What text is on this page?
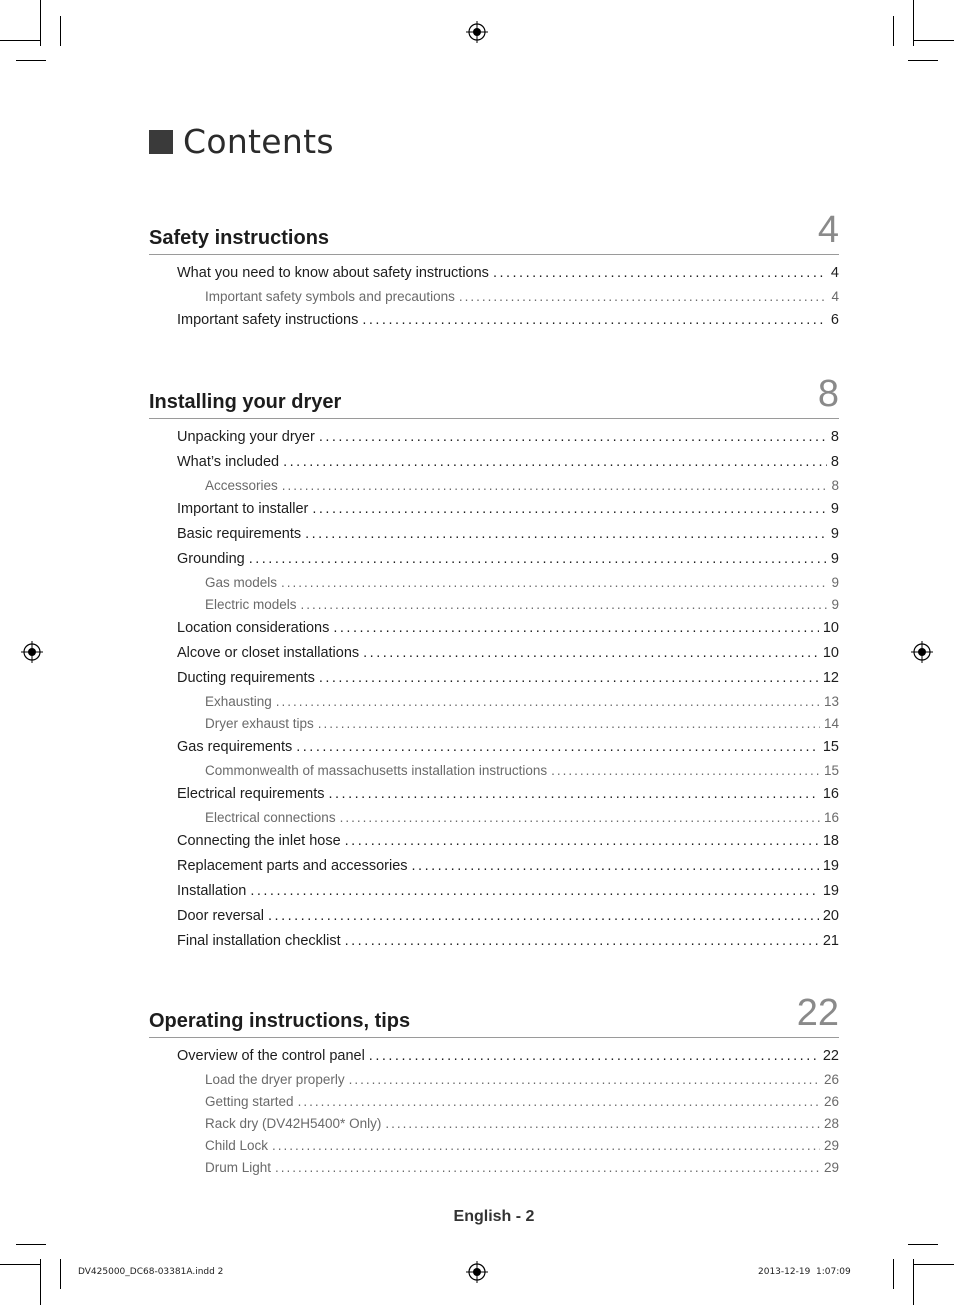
Contents
Safety instructions	4
What you need to know about safety instructions .....	4
Important safety symbols and precautions .....	4
Important safety instructions .....	6
Installing your dryer	8
Unpacking your dryer .....	8
What’s included .....	8
Accessories .....	8
Important to installer .....	9
Basic requirements .....	9
Grounding .....	9
Gas models .....	9
Electric models .....	9
Location considerations .....	10
Alcove or closet installations .....	10
Ducting requirements .....	12
Exhausting .....	13
Dryer exhaust tips .....	14
Gas requirements .....	15
Commonwealth of massachusetts installation instructions .....	15
Electrical requirements .....	16
Electrical connections .....	16
Connecting the inlet hose .....	18
Replacement parts and accessories .....	19
Installation .....	19
Door reversal .....	20
Final installation checklist .....	21
Operating instructions, tips	22
Overview of the control panel .....	22
Load the dryer properly .....	26
Getting started .....	26
Rack dry (DV42H5400* Only) .....	28
Child Lock .....	29
Drum Light .....	29
English - 2
DV425000_DC68-03381A.indd 2	2013-12-19 ￼￼ 1:07:09
